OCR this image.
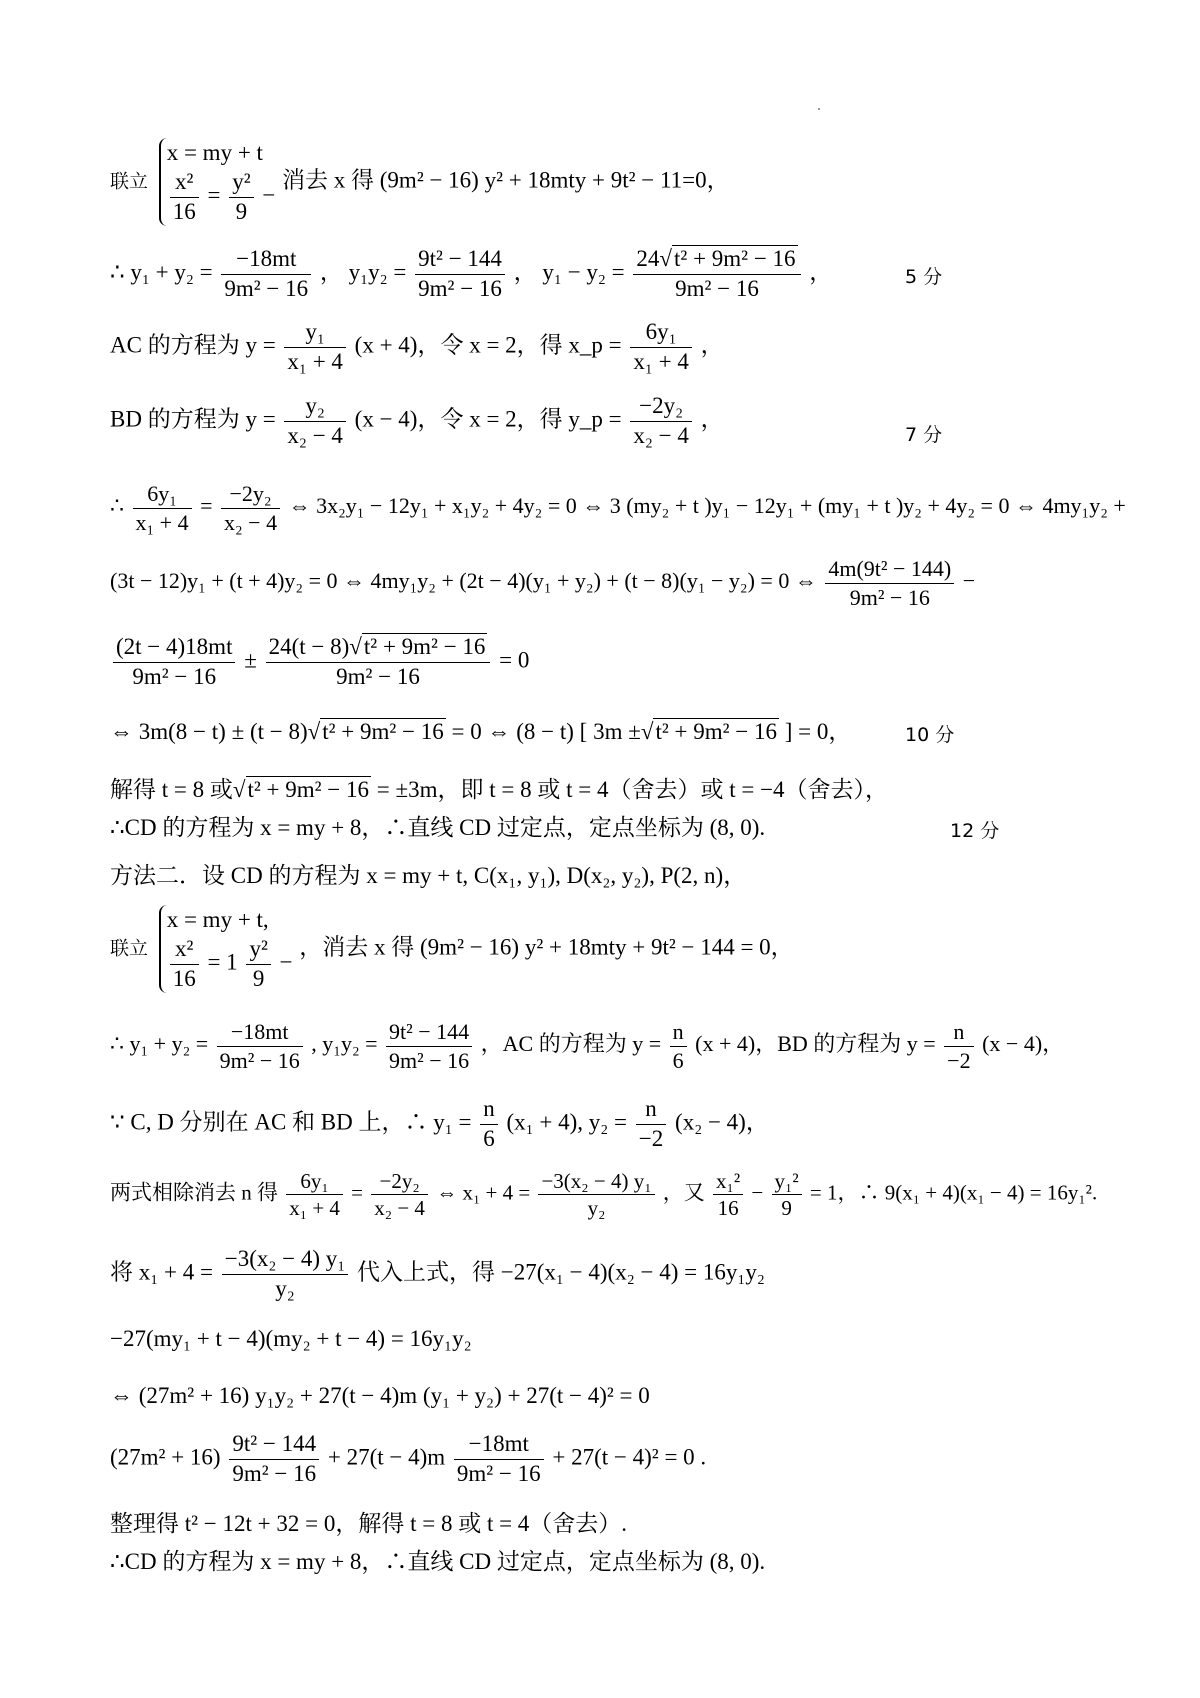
联立
x = my + t
$\frac{\text{x²}}{16} = \frac{\text{y²}}{9}$ −
消去 x 得 (9m² − 16) y² + 18mty + 9t² − 11=0，
∴ $y_1 + y_2 = \frac{-18mt}{\text{9m² − 16}}$ ， $y_1y_2 = \frac{\text{9t² − 144}}{\text{9m² − 16}}$ ， $y_1 - y_2 = \frac{\text{24√t² + 9m² − 16}}{\text{9m² − 16}}$ ，	5 分
AC 的方程为 $y = \frac{\text{y₁}}{\text{x₁ + 4}} (x + 4)$，令 x = 2，得 x_p = $\frac{\text{6y₁}}{\text{x₁ + 4}}$ ，
BD 的方程为 $y = \frac{\text{y₂}}{\text{x₂ − 4}} (x - 4)$，令 x = 2，得 y_p = $\frac{\text{−2y₂}}{\text{x₂ − 4}}$ ，
7 分
∴ $\frac{\text{6y₁}}{\text{x₁ + 4}} = \frac{\text{−2y₂}}{\text{x₂ − 4}}$ ⇔ 3x₂y₁ − 12y₁ + x₁y₂ + 4y₂ = 0 ⇔ 3 (my₂ + t )y₁ − 12y₁ + (my₁ + t )y₂ + 4y₂ = 0 ⇔ 4my₁y₂ +
(3t − 12)y₁ + (t + 4)y₂ = 0 ⇔ 4my₁y₂ + (2t − 4)(y₁ + y₂) + (t − 8)(y₁ − y₂) = 0 ⇔ $\frac{\text{4m(9t² − 144)}}{\text{9m² − 16}}$ −
$\frac{(2t - 4)18mt}{\text{9m² − 16}} \pm \frac{\text{24(t − 8)√t² + 9m² − 16}}{\text{9m² − 16}} = 0$
⇔ 3m(8 − t) ± (t − 8)√t² + 9m² − 16 = 0 ⇔ (8 − t) [ 3m ±√t² + 9m² − 16 ] = 0，	10 分
解得 t = 8 或√t² + 9m² − 16 = ±3m，即 t = 8 或 t = 4（舍去）或 t = −4（舍去），
∴CD 的方程为 x = my + 8，∴直线 CD 过定点，定点坐标为 (8, 0).	12 分
方法二．设 CD 的方程为 x = my + t, C(x₁, y₁), D(x₂, y₂), P(2, n)，
联立
x = my + t,
$\frac{\text{x²}}{16} = 1 \frac{\text{y²}}{9}$ −
，消去 x 得 (9m² − 16) y² + 18mty + 9t² − 144 = 0，
∴ $y_1 + y_2 = \frac{-18mt}{\text{9m² − 16}}$ , $y_1y_2 = \frac{\text{9t² − 144}}{\text{9m² − 16}}$ ，AC 的方程为 $y = \frac{n}{6} (x + 4)$，BD 的方程为 $y = \frac{n}{-2} (x - 4)$，
∵ C, D 分别在 AC 和 BD 上，∴ $y_1 = \frac{n}{6} (x_1 + 4)$, $y_2 = \frac{n}{-2} (x_2 - 4)$，
两式相除消去 n 得 $\frac{\text{6y₁}}{\text{x₁ + 4}} = \frac{\text{−2y₂}}{\text{x₂ − 4}}$ ⇔ $x_1 + 4 = \frac{\text{−3(x₂ − 4) y₁}}{\text{y₂}}$ ，又 $\frac{\text{x₁²}}{16} - \frac{\text{y₁²}}{9} = 1$，∴ 9(x₁ + 4)(x₁ − 4) = 16y₁².
将 $x_1 + 4 = \frac{\text{−3(x₂ − 4) y₁}}{\text{y₂}}$ 代入上式，得 −27(x₁ − 4)(x₂ − 4) = 16y₁y₂
−27(my₁ + t − 4)(my₂ + t − 4) = 16y₁y₂
⇔ (27m² + 16) y₁y₂ + 27(t − 4)m (y₁ + y₂) + 27(t − 4)² = 0
$(27m^2 + 16) \frac{\text{9t² − 144}}{\text{9m² − 16}} + 27(t - 4)m \frac{-18mt}{\text{9m² − 16}} + 27(t - 4)^2 = 0$ .
整理得 t² − 12t + 32 = 0，解得 t = 8 或 t = 4（舍去）.
∴CD 的方程为 x = my + 8，∴直线 CD 过定点，定点坐标为 (8, 0).
